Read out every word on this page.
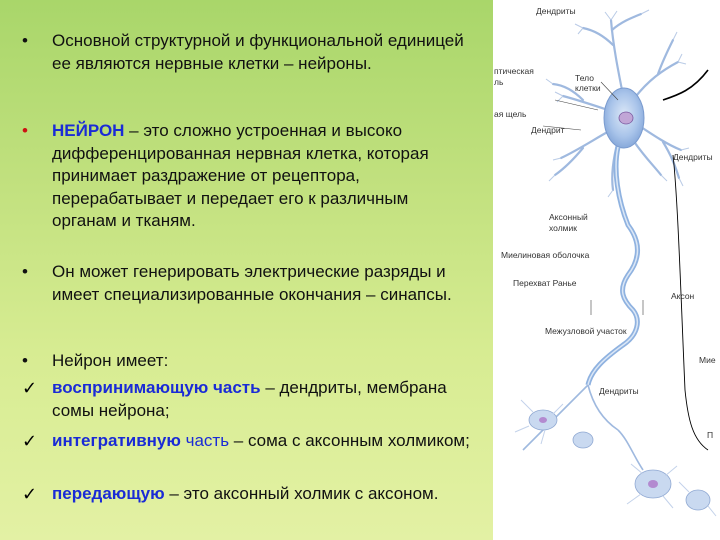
•	Основной структурной и функциональной единицей ее являются нервные клетки – нейроны.
•	НЕЙРОН – это сложно устроенная и высоко дифференцированная нервная клетка, которая принимает раздражение от рецептора, перерабатывает и передает его к различным органам и тканям.
•	Он может генерировать электрические разряды и имеет специализированные окончания – синапсы.
•	Нейрон имеет:
✓ воспринимающую часть – дендриты, мембрана сомы нейрона;
✓ интегративную часть – сома с аксонным холмиком;
✓ передающую – это аксонный холмик с аксоном.
Дендриты
птическая
ль
ая щель
Тело
клетки
Дендрит
Дендриты
Аксонный
холмик
Миелиновая оболочка
Перехват Ранье
Аксон
Межузловой участок
Мие
Дендриты
П
